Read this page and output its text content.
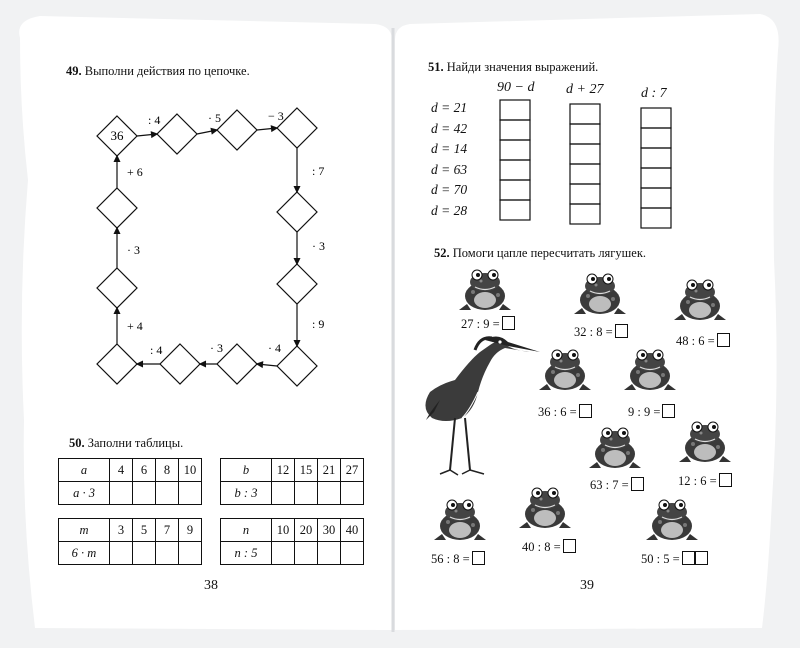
36
: 4	· 5	− 3
: 7
· 3
: 9
· 4
· 3
: 4
+ 4
· 3
+ 6
49. Выполни действия по цепочке.
50. Заполни таблицы.
a	4	6	8	10
a · 3				
b	12	15	21	27
b : 3				
m	3	5	7	9
6 · m				
n	10	20	30	40
n : 5				
38
51. Найди значения выражений.
90 − d d + 27	d : 7
d = 21
d = 42
d = 14
d = 63
d = 70
d = 28
52. Помоги цапле пересчитать лягушек.
27 : 9 =
32 : 8 =
48 : 6 =
36 : 6 =	9 : 9 =
63 : 7 =	12 : 6 =
56 : 8 =
40 : 8 =
50 : 5 =
39
